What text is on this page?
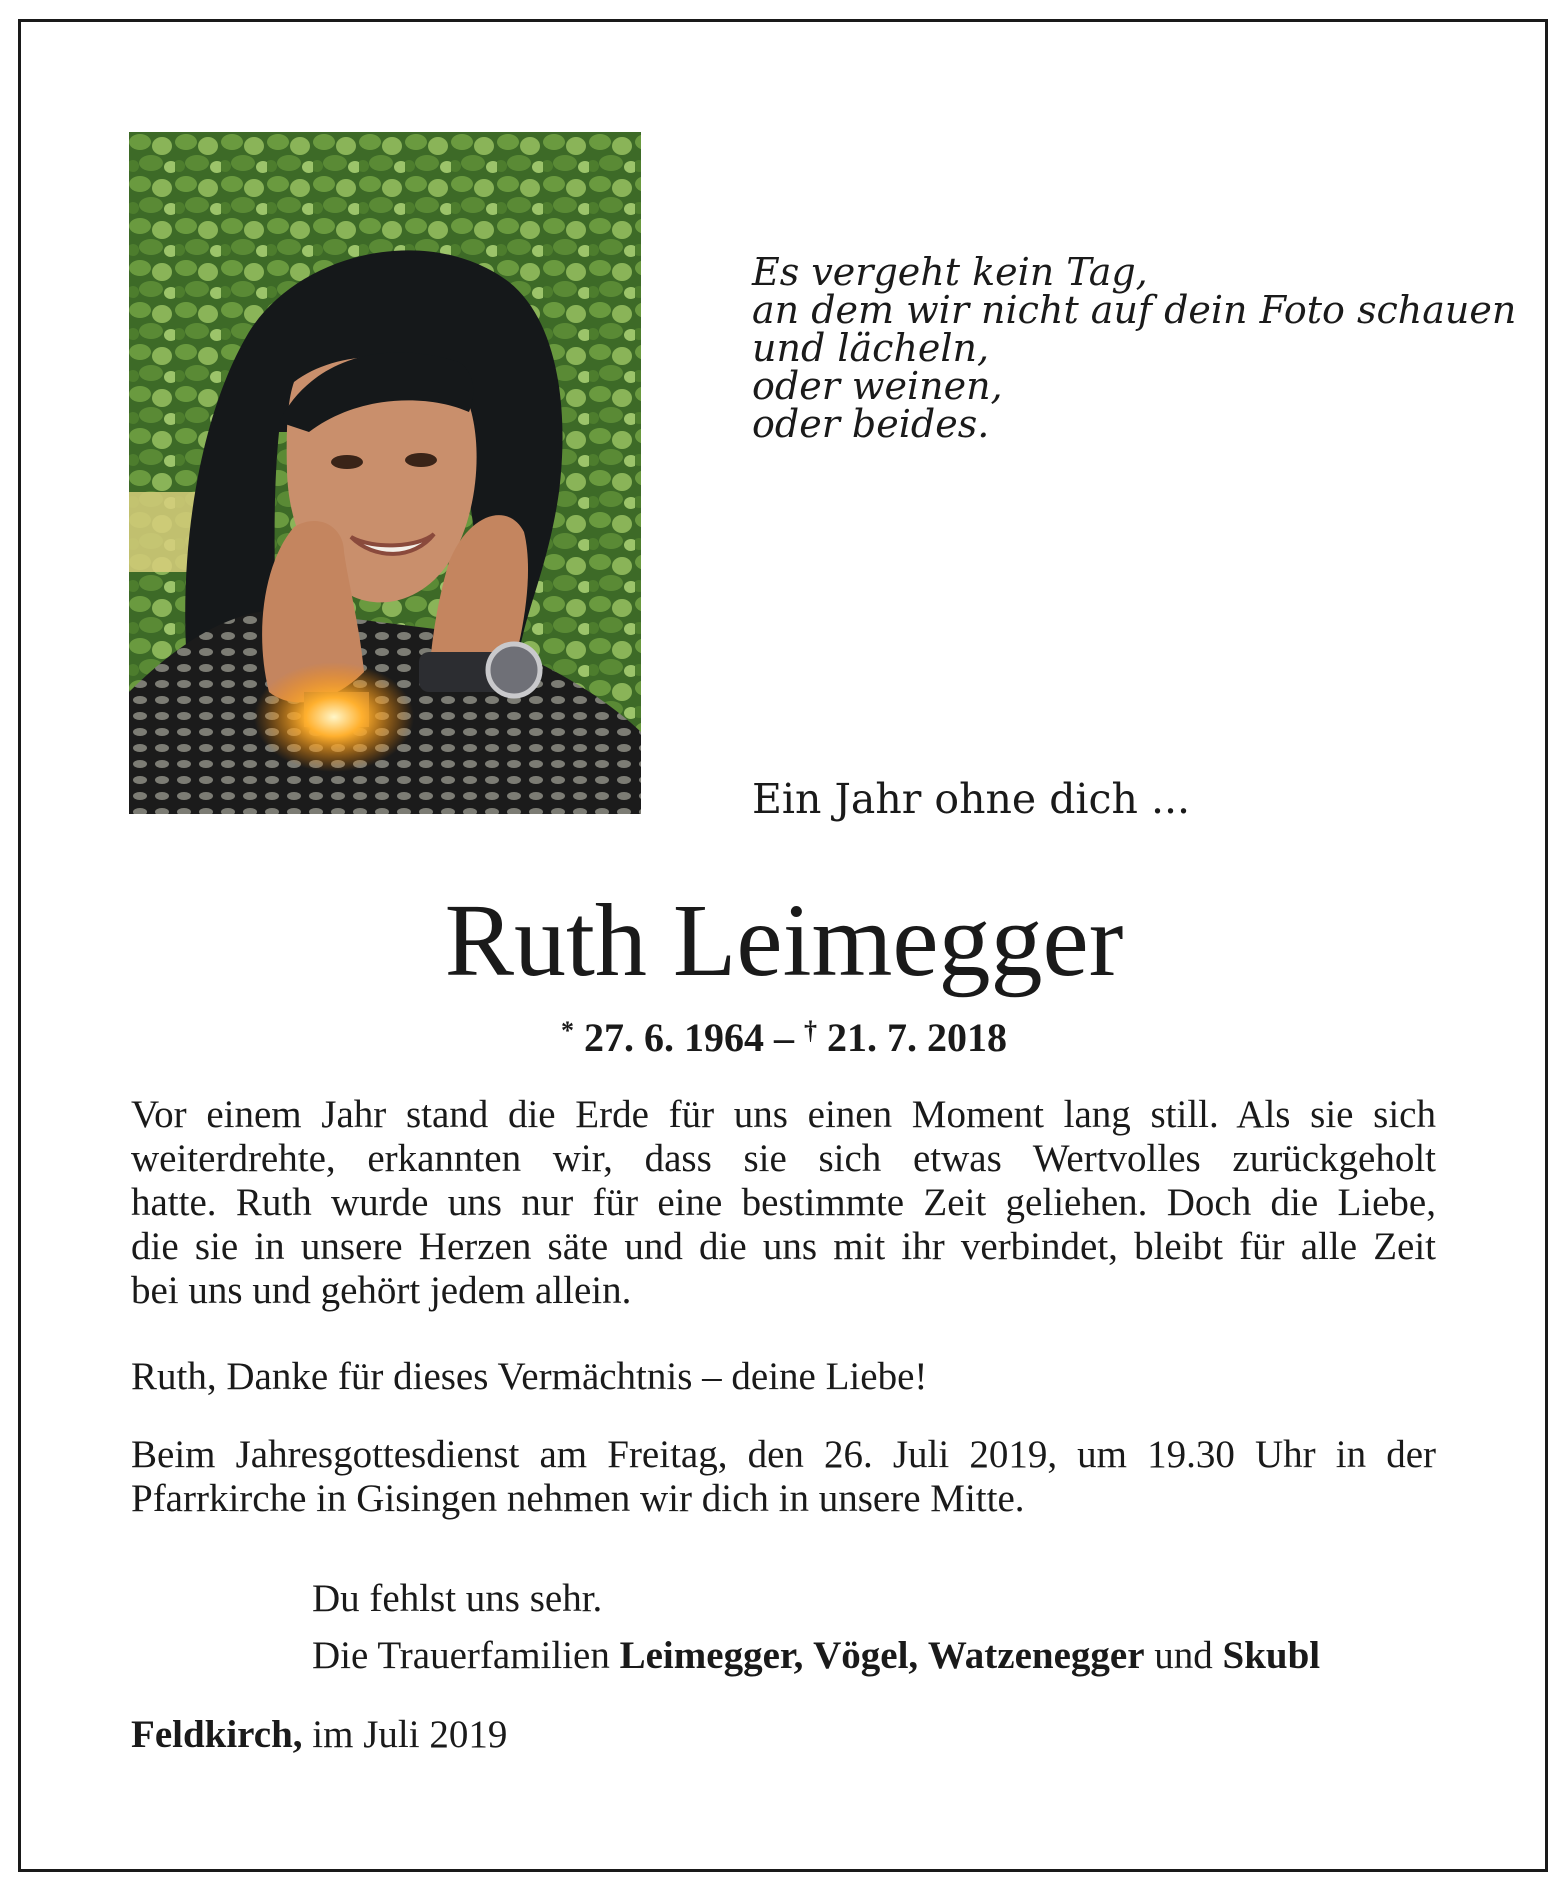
Es vergeht kein Tag,
an dem wir nicht auf dein Foto schauen
und lächeln,
oder weinen,
oder beides.
Ein Jahr ohne dich ...
Ruth Leimegger
* 27. 6. 1964 – † 21. 7. 2018
Vor einem Jahr stand die Erde für uns einen Moment lang still. Als sie sich
weiterdrehte, erkannten wir, dass sie sich etwas Wertvolles zurückgeholt
hatte. Ruth wurde uns nur für eine bestimmte Zeit geliehen. Doch die Liebe,
die sie in unsere Herzen säte und die uns mit ihr verbindet, bleibt für alle Zeit
bei uns und gehört jedem allein.
Ruth, Danke für dieses Vermächtnis – deine Liebe!
Beim Jahresgottesdienst am Freitag, den 26. Juli 2019, um 19.30 Uhr in der
Pfarrkirche in Gisingen nehmen wir dich in unsere Mitte.
Du fehlst uns sehr.
Die Trauerfamilien Leimegger, Vögel, Watzenegger und Skubl
Feldkirch, im Juli 2019
